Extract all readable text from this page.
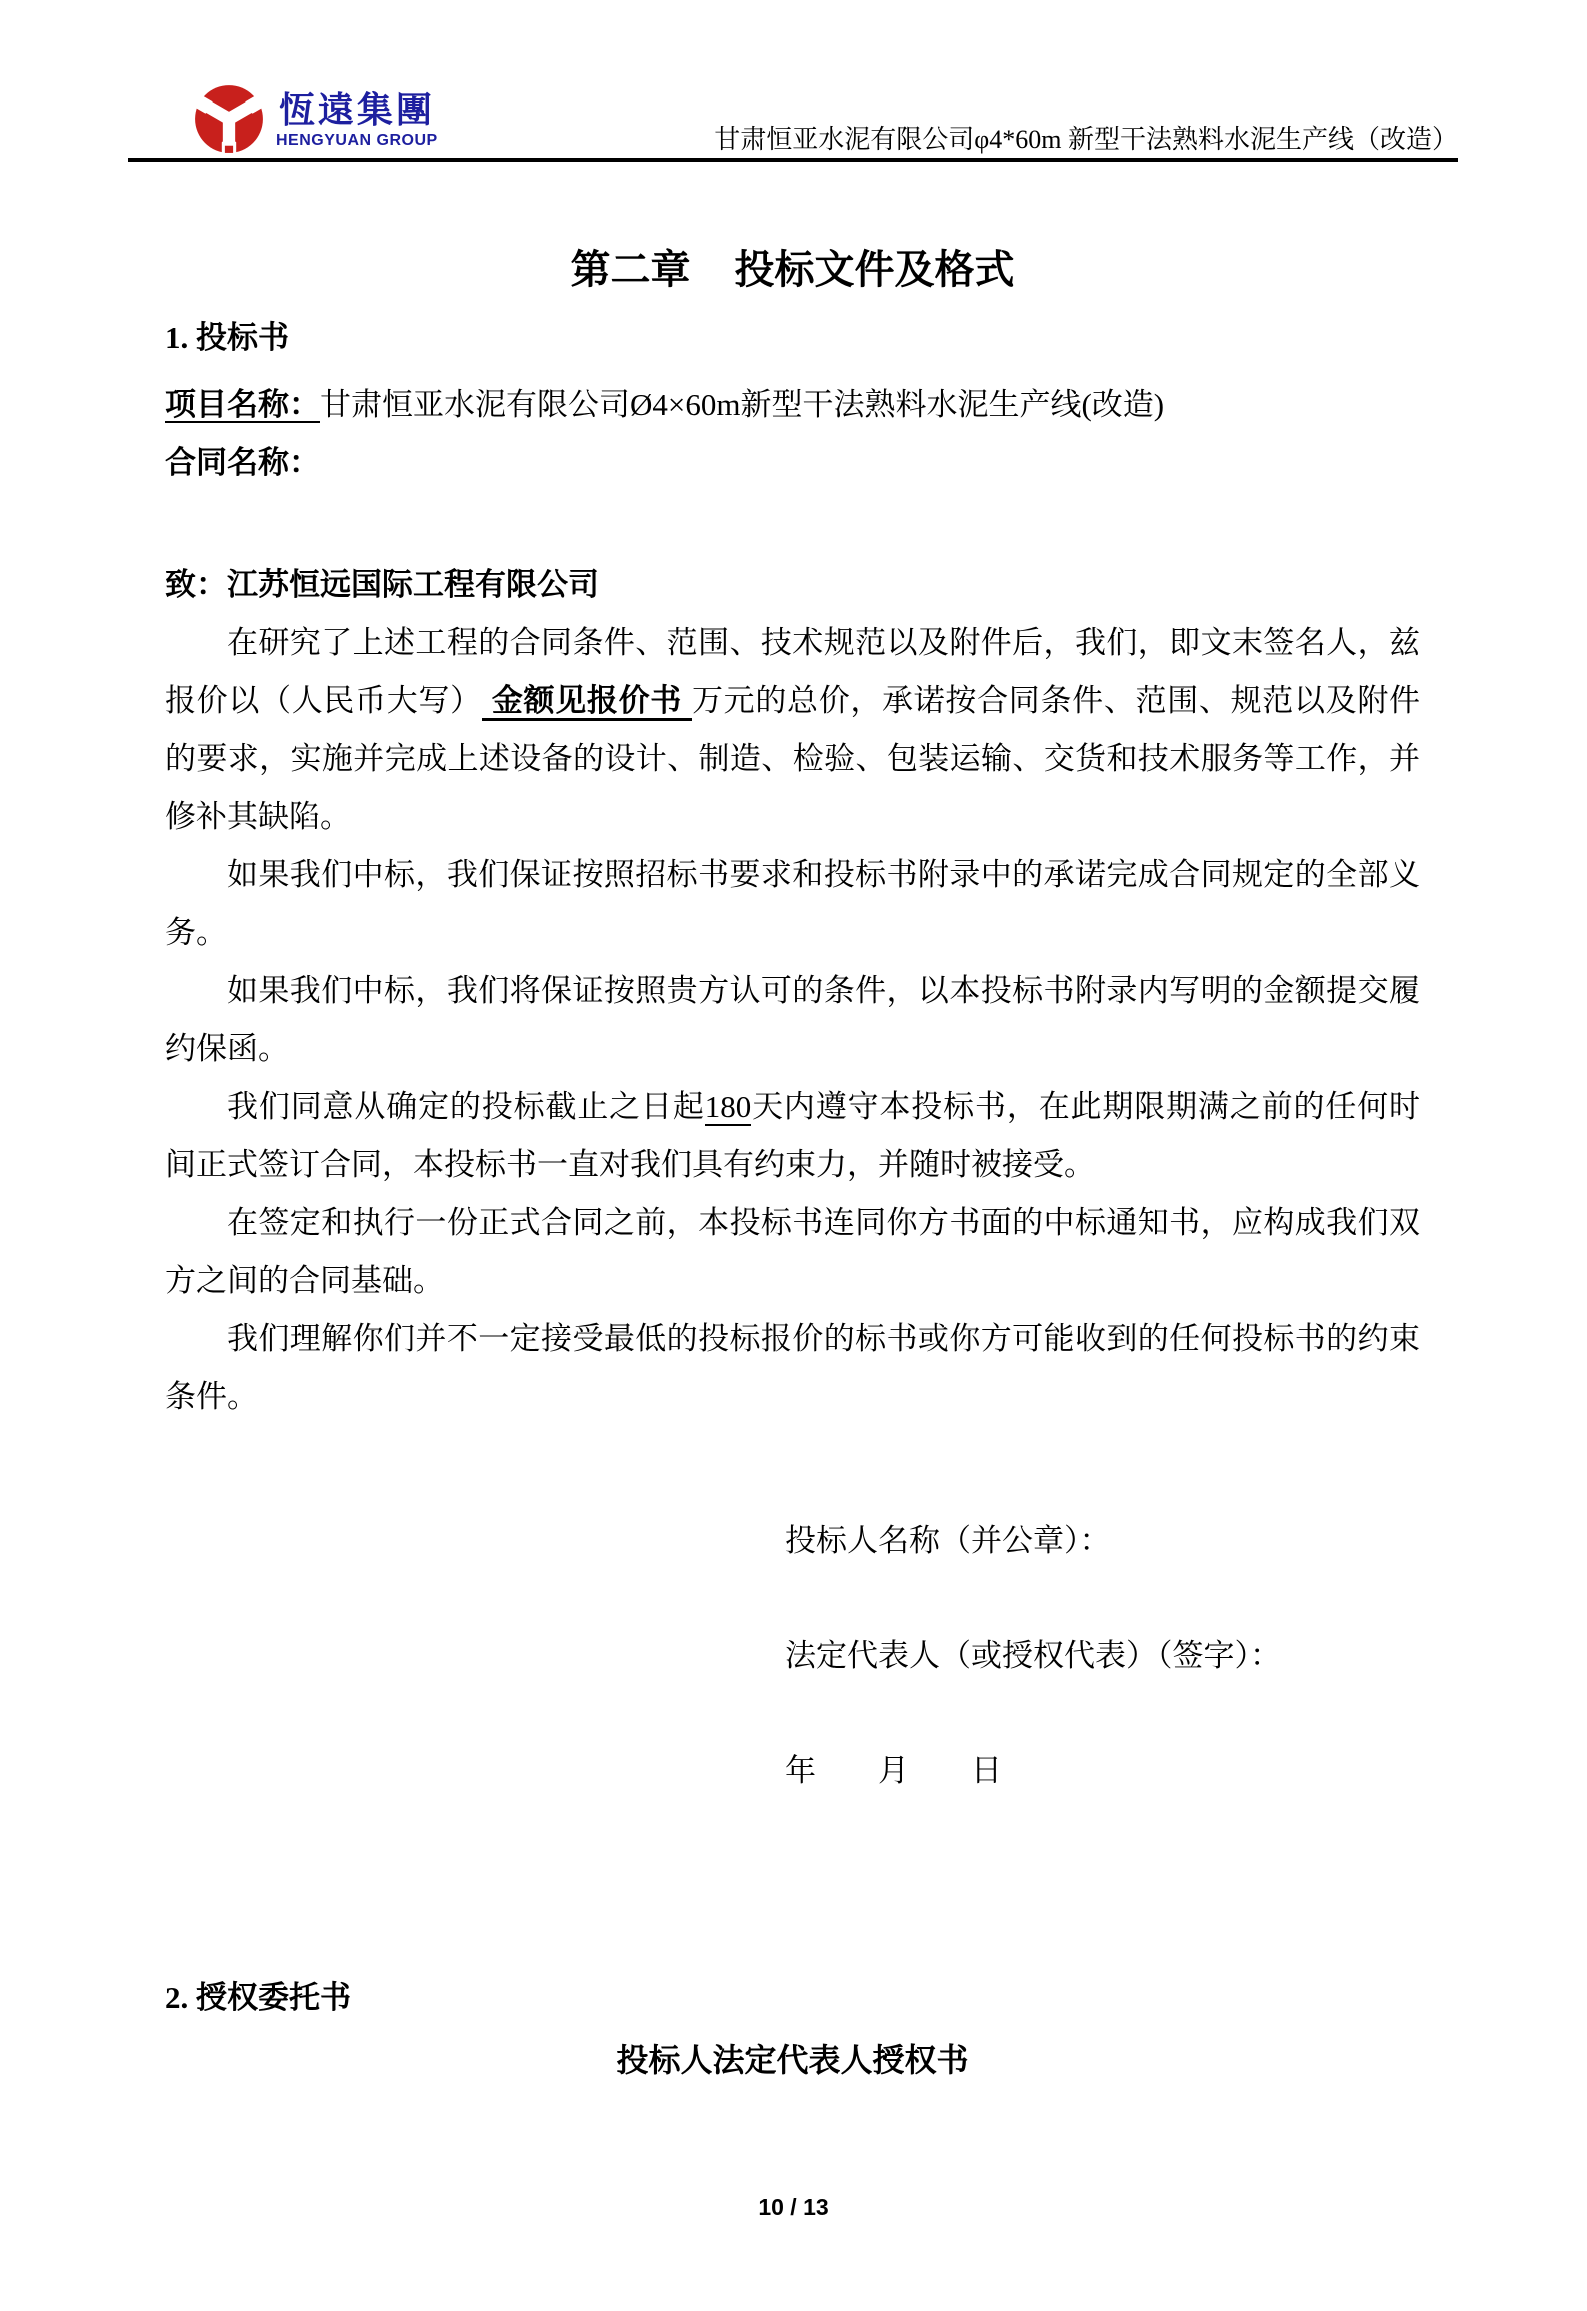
恆遠集團
HENGYUAN GROUP	甘肃恒亚水泥有限公司φ4*60m 新型干法熟料水泥生产线（改造）
第二章 投标文件及格式
1. 投标书

项目名称：甘肃恒亚水泥有限公司Ø4×60m新型干法熟料水泥生产线(改造)

合同名称：

致：江苏恒远国际工程有限公司

在研究了上述工程的合同条件、范围、技术规范以及附件后，我们，即文末签名人，兹报价以（人民币大写） 金额见报价书 万元的总价，承诺按合同条件、范围、规范以及附件的要求，实施并完成上述设备的设计、制造、检验、包装运输、交货和技术服务等工作，并修补其缺陷。

如果我们中标，我们保证按照招标书要求和投标书附录中的承诺完成合同规定的全部义务。

如果我们中标，我们将保证按照贵方认可的条件，以本投标书附录内写明的金额提交履约保函。

我们同意从确定的投标截止之日起180天内遵守本投标书，在此期限期满之前的任何时间正式签订合同，本投标书一直对我们具有约束力，并随时被接受。

在签定和执行一份正式合同之前，本投标书连同你方书面的中标通知书，应构成我们双方之间的合同基础。

我们理解你们并不一定接受最低的投标报价的标书或你方可能收到的任何投标书的约束条件。

投标人名称（并公章）：
法定代表人（或授权代表）（签字）：
年　　月　　日
2. 授权委托书
投标人法定代表人授权书
10 / 13
